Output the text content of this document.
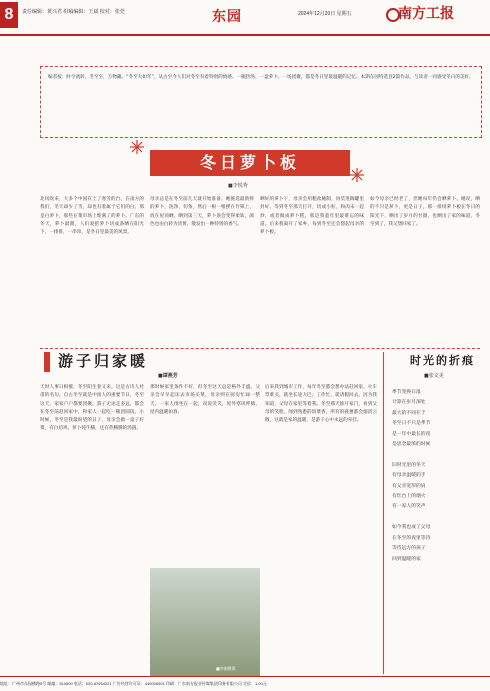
8	责任编辑：黄兴君 组稿编辑：王斌 校对：张莞	东园	2024年12月20日 星期五	南方工报
编者按：时令流转，冬至至，万物藏。“冬至大如年”，从古至今人们对冬至有着特别的情感。一碗热汤、一盘萝卜、一场团聚，都是冬日里最温暖的记忆。本期东园特选登2篇作品，与读者一同感受冬日的美好。
冬日萝卜板
■李锐秀
北风吹来，大多个中国有上了寒雪的台。在南方的我们，冬天却少了雪，却也有着属于它们的白。那是白萝卜，那些在菜市场上堆满了的萝卜。广东的冬天，萝卜最甜，人们爱把萝卜切成条晒在阳光下，一排排，一串串，是冬日里最美的风景。
母亲总是在冬至前几天就开始准备。她挑选最新鲜的萝卜，洗净、切条，然后一根一根摆在竹筛上，放在屋顶晒。晒到第三天，萝卜条会变得柔软，颜色也由白转为淡黄，散发出一种特别的香气。
晒好的萝卜干，母亲会用粗盐腌制，再装进陶罐里封好。等到冬至那天打开，切成小粒，和肉末一起炒，或者做成萝卜糕，那是我童年里最难忘的味道。后来我离开了家乡，每到冬至还会想起母亲的萝卜板。
如今母亲已经老了，但她每年仍会晒萝卜。她说，晒的不只是萝卜，更是日子。那一排排萝卜板在冬日的阳光下，晒出了岁月的甘甜，也晒出了家的味道。冬至到了，我又想回家了。
游子归家暖
■谭燕芳
天时人事日相催，冬至阳生春又来。这是古诗人杜甫的名句。自古冬至就是中国人的重要节日，冬至这天，家家户户都要团聚。游子无论走多远，都会在冬至前赶回家中，和家人一起吃一顿团圆饭。小时候，冬至是我最盼望的日子，母亲会做一桌子好菜，有白切鸡、萝卜炖牛腩，还有热腾腾的汤圆。
那时候家里条件不好，但冬至这天总是格外丰盛。父亲会早早起床去市场买菜，母亲则在厨房忙碌一整天。一家人围坐在一起，说说笑笑，屋外寒风呼啸，屋内温暖如春。
■李刚摄影
后来我到城市工作，每年冬至都会想办法赶回家。火车票难买，就坐长途大巴；工作忙，就请假回去。因为我知道，父母在家里等着我。冬至那天推开家门，看到父母的笑脸，闻到熟悉的饭菜香，所有的疲惫都会烟消云散。这就是家的温暖，是游子心中永远的牵挂。
时光的折痕
■张文美
季节变换日落
计算在岁月深处
最大的不同在于
冬至日不只是季节
是一年中最长的夜
是思念最浓的时候

旧时光里的冬天
有母亲温暖的手
有父亲宽厚的肩
有灶台上的烟火
有一家人的笑声

如今我也成了父母
在冬至的夜里等待
等待远方的孩子
回到温暖的家
地址：广州市东园横路5号 邮编：510500 电话：020-87654321 广告经营许可证：440000001 印刷：广东南方报业传媒集团印务有限公司 定价：1.00元
